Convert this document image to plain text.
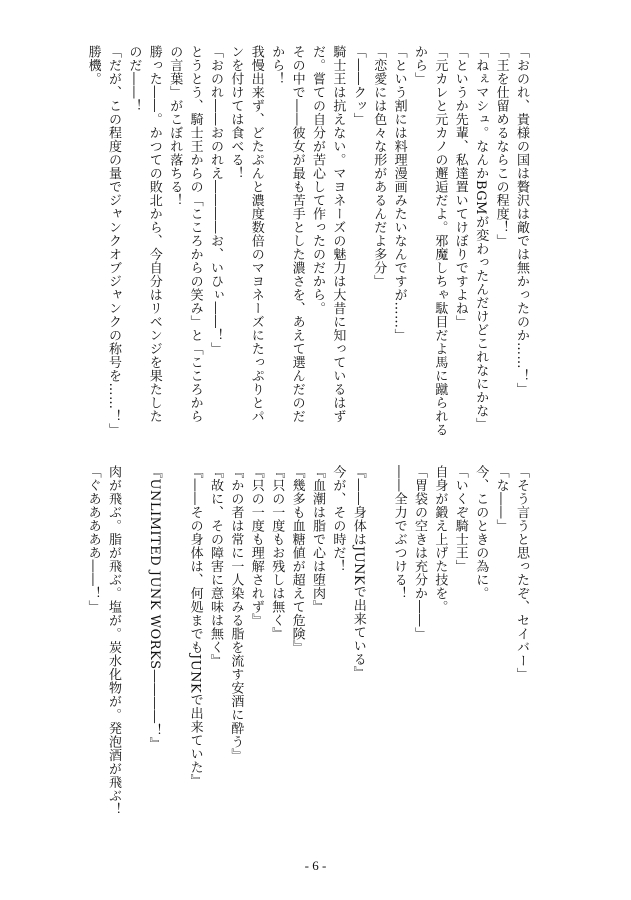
「おのれ、貴様の国は贅沢は敵では無かったのか……！」
「王を仕留めるならこの程度！」
「ねぇマシュ。なんかBGMが変わったんだけどこれなにかな」
「というか先輩、私達置いてけぼりですよね」
「元カレと元カノの邂逅だよ。邪魔しちゃ駄目だよ馬に蹴られる
から」
「という割には料理漫画みたいなんですが……」
「恋愛には色々な形があるんだよ多分」
「――クッ」
騎士王は抗えない。マヨネーズの魅力は大昔に知っているはず
だ。嘗ての自分が苦心して作ったのだから。
その中で――彼女が最も苦手とした濃さを、あえて選んだのだ
から！
我慢出来ず、どたぷんと濃度数倍のマヨネーズにたっぷりとパ
ンを付けては食べる！
「おのれ――おのれえ――――お、いひぃ――！」
とうとう、騎士王からの「こころからの笑み」と「こころから
の言葉」がこぼれ落ちる！
勝った――。かつての敗北から、今自分はリベンジを果たした
のだ――！
「だが、この程度の量でジャンクオブジャンクの称号を……！」
勝機。
「そう言うと思ったぞ、セイバー」
「な――」
今、このときの為に。
「いくぞ騎士王」
自身が鍛え上げた技を。
「胃袋の空きは充分か――」
――全力でぶつける！
『――身体はJUNKで出来ている』
今が、その時だ！
『血潮は脂で心は堕肉』
『幾多も血糖値が超えて危険』
『只の一度もお残しは無く』
『只の一度も理解されず』
『かの者は常に一人染みる脂を流す安酒に酔う』
『故に、その障害に意味は無く』
『――その身体は、何処までもJUNKで出来ていた』
『UNLIMITED JUNK WORKS――――！』
肉が飛ぶ。脂が飛ぶ。塩が。炭水化物が。発泡酒が飛ぶ！
「ぐあああああ――！」
- 6 -
